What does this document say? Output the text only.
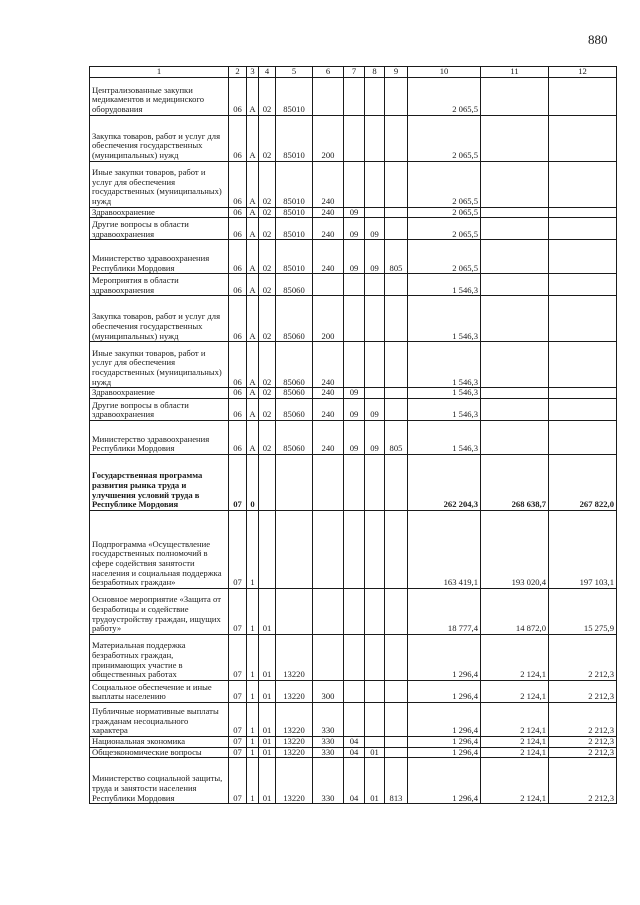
880
1	2	3	4	5	6	7	8	9	10	11	12
Централизованные закупки медикаментов и медицинского оборудования	06	А	02	85010					2 065,5		
Закупка товаров, работ и услуг для обеспечения государственных (муниципальных) нужд	06	А	02	85010	200				2 065,5		
Иные закупки товаров, работ и услуг для обеспечения государственных (муниципальных) нужд	06	А	02	85010	240				2 065,5		
Здравоохранение	06	А	02	85010	240	09			2 065,5		
Другие вопросы в области здравоохранения	06	А	02	85010	240	09	09		2 065,5		
Министерство здравоохранения Республики Мордовия	06	А	02	85010	240	09	09	805	2 065,5		
Мероприятия в области здравоохранения	06	А	02	85060					1 546,3		
Закупка товаров, работ и услуг для обеспечения государственных (муниципальных) нужд	06	А	02	85060	200				1 546,3		
Иные закупки товаров, работ и услуг для обеспечения государственных (муниципальных) нужд	06	А	02	85060	240				1 546,3		
Здравоохранение	06	А	02	85060	240	09			1 546,3		
Другие вопросы в области здравоохранения	06	А	02	85060	240	09	09		1 546,3		
Министерство здравоохранения Республики Мордовия	06	А	02	85060	240	09	09	805	1 546,3		
Государственная программа развития рынка труда и улучшения условий труда в Республике Мордовия	07	0							262 204,3	268 638,7	267 822,0
Подпрограмма «Осуществление государственных полномочий в сфере содействия занятости населения и социальная поддержка безработных граждан»	07	1							163 419,1	193 020,4	197 103,1
Основное мероприятие «Защита от безработицы и содействие трудоустройству граждан, ищущих работу»	07	1	01						18 777,4	14 872,0	15 275,9
Материальная поддержка безработных граждан, принимающих участие в общественных работах	07	1	01	13220					1 296,4	2 124,1	2 212,3
Социальное обеспечение и иные выплаты населению	07	1	01	13220	300				1 296,4	2 124,1	2 212,3
Публичные нормативные выплаты гражданам несоциального характера	07	1	01	13220	330				1 296,4	2 124,1	2 212,3
Национальная экономика	07	1	01	13220	330	04			1 296,4	2 124,1	2 212,3
Общеэкономические вопросы	07	1	01	13220	330	04	01		1 296,4	2 124,1	2 212,3
Министерство социальной защиты, труда и занятости населения Республики Мордовия	07	1	01	13220	330	04	01	813	1 296,4	2 124,1	2 212,3
